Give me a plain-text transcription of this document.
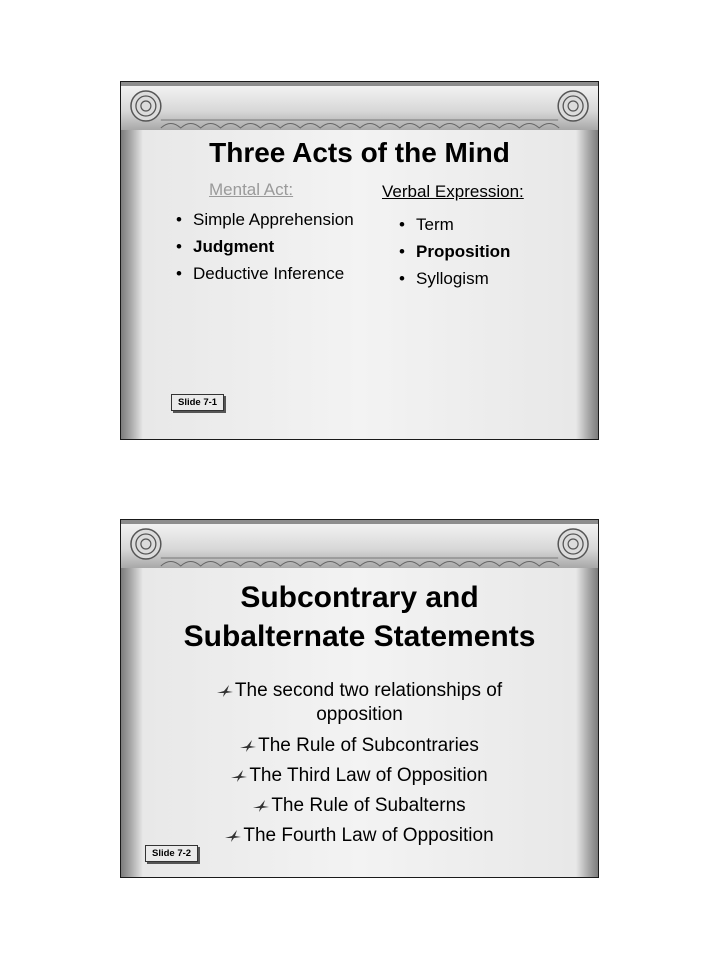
Three Acts of the Mind
Mental Act:	Verbal Expression:
• Simple Apprehension
• Judgment
• Deductive Inference
• Term
• Proposition
• Syllogism
Slide 7-1
Subcontrary and
Subalternate Statements
The second two relationships of opposition
The Rule of Subcontraries
The Third Law of Opposition
The Rule of Subalterns
The Fourth Law of Opposition
Slide 7-2
